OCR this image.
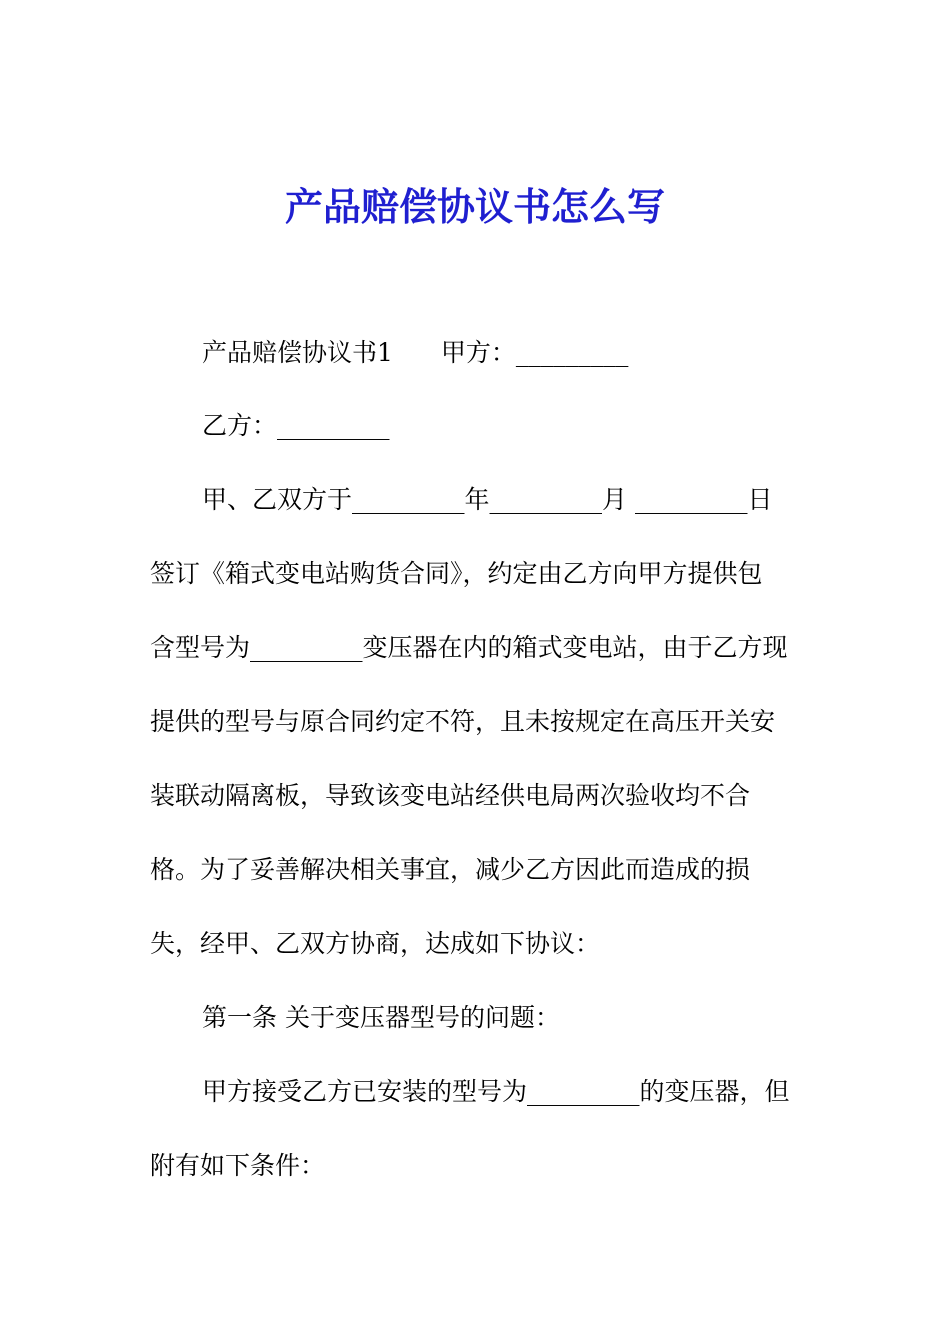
产品赔偿协议书怎么写
产品赔偿协议书1 甲方：_________
乙方：_________
甲、乙双方于_________年_________月 _________日
签订《箱式变电站购货合同》，约定由乙方向甲方提供包
含型号为_________变压器在内的箱式变电站，由于乙方现
提供的型号与原合同约定不符，且未按规定在高压开关安
装联动隔离板，导致该变电站经供电局两次验收均不合
格。为了妥善解决相关事宜，减少乙方因此而造成的损
失，经甲、乙双方协商，达成如下协议：
第一条 关于变压器型号的问题：
甲方接受乙方已安装的型号为_________的变压器，但
附有如下条件：
